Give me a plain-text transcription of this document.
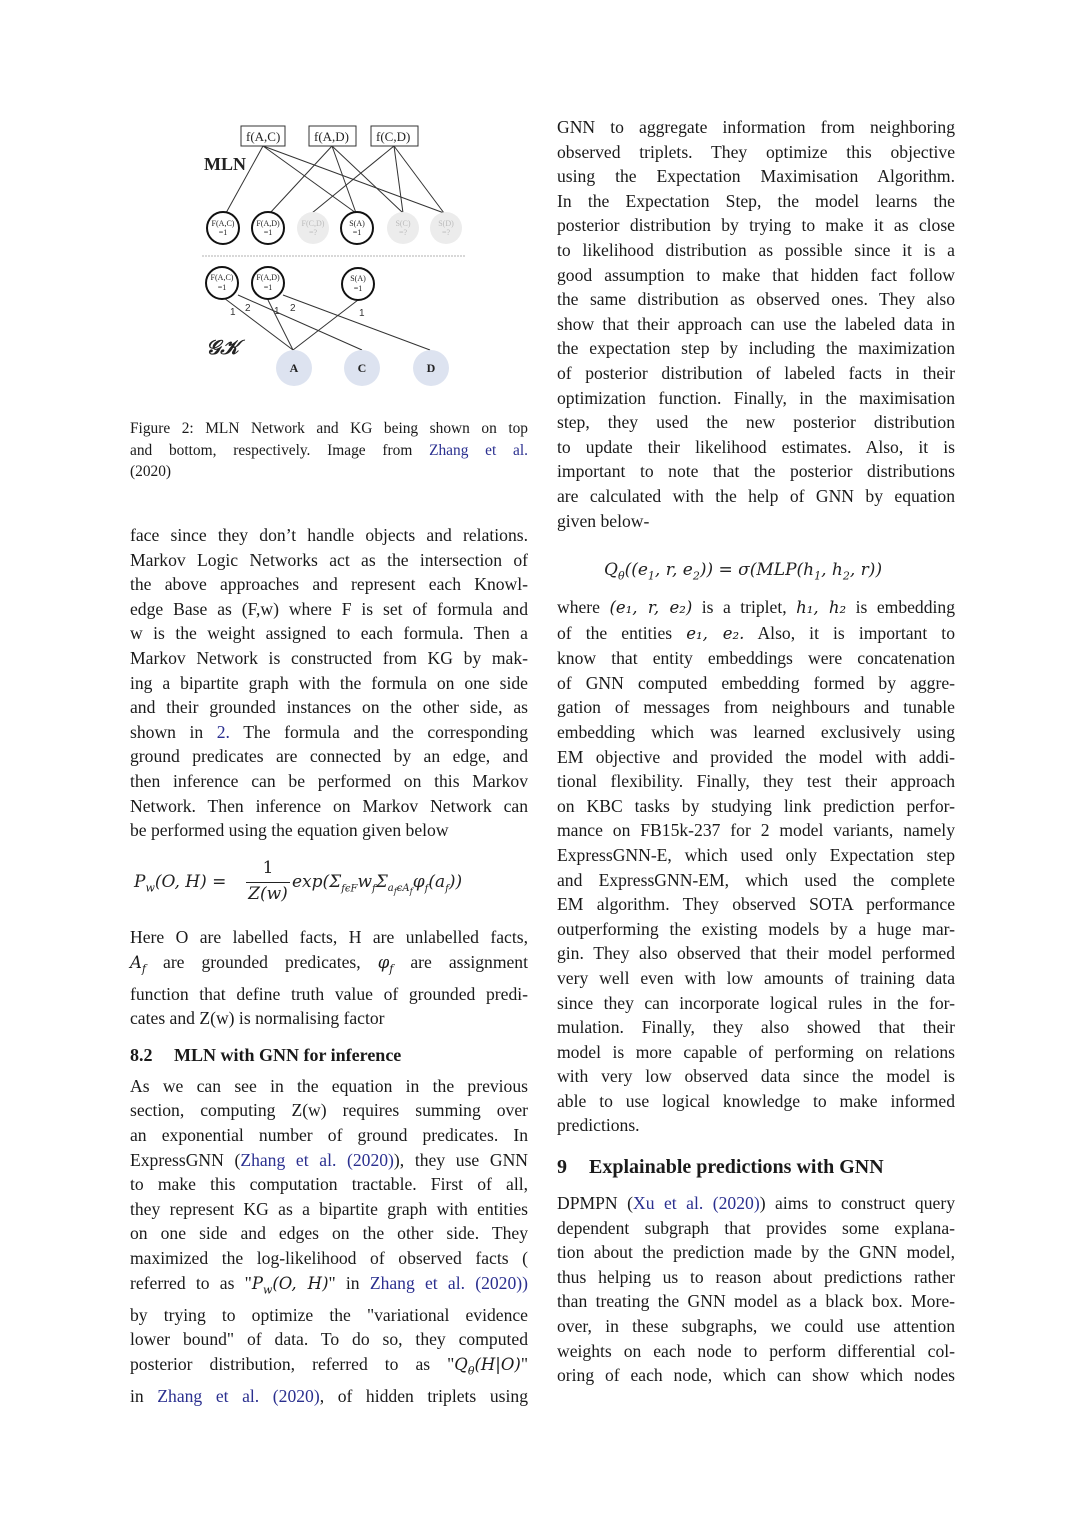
f(A,C)	f(A,D) f(C,D)
MLN
F(A,C)
=1
F(A,D)
=1
F(C,D)
=?
S(A)
=1
S(C)
=?
S(D)
=?
1 2 1 2	1
F(A,C)
=1
F(A,D)
=1
S(A)
=1
𝒢𝒦
A	C	D
Figure 2: MLN Network and KG being shown on top
and bottom, respectively. Image from Zhang et al.
(2020)

face since they don’t handle objects and relations.
Markov Logic Networks act as the intersection of
the above approaches and represent each Knowl-
edge Base as (F,w) where F is set of formula and
w is the weight assigned to each formula. Then a
Markov Network is constructed from KG by mak-
ing a bipartite graph with the formula on one side
and their grounded instances on the other side, as
shown in 2. The formula and the corresponding
ground predicates are connected by an edge, and
then inference can be performed on this Markov
Network. Then inference on Markov Network can
be performed using the equation given below

$P_w(O$, H) =
1
Z(w)
$\exp(\Sigma_{f\epsilon F}w_f\Sigma_{a_f\epsilon A_f}\varphi_f(a_f))$

Here O are labelled facts, H are unlabelled facts,
$A_f$ are grounded predicates, $\varphi_f$ are assignment
function that define truth value of grounded predi-
cates and Z(w) is normalising factor

8.2 MLN with GNN for inference

As we can see in the equation in the previous
section, computing Z(w) requires summing over
an exponential number of ground predicates. In
ExpressGNN (Zhang et al. (2020)), they use GNN
to make this computation tractable. First of all,
they represent KG as a bipartite graph with entities
on one side and edges on the other side. They
maximized the log-likelihood of observed facts (
referred to as "$P_w(O$, H)" in Zhang et al. (2020))
by trying to optimize the "variational evidence
lower bound" of data. To do so, they computed
posterior distribution, referred to as "$Q_\theta(H|O)$"
in Zhang et al. (2020), of hidden triplets using

GNN to aggregate information from neighboring
observed triplets. They optimize this objective
using the Expectation Maximisation Algorithm.
In the Expectation Step, the model learns the
posterior distribution by trying to make it as close
to likelihood distribution as possible since it is a
good assumption to make that hidden fact follow
the same distribution as observed ones. They also
show that their approach can use the labeled data in
the expectation step by including the maximization
of posterior distribution of labeled facts in their
optimization function. Finally, in the maximisation
step, they used the new posterior distribution
to update their likelihood estimates. Also, it is
important to note that the posterior distributions
are calculated with the help of GNN by equation
given below-

$Q_\theta((e_1$, r, $e_2)) = \sigma(MLP(h_1$, $h_2$, r))

where (e₁, r, e₂) is a triplet, h₁, h₂ is embedding
of the entities e₁, e₂. Also, it is important to
know that entity embeddings were concatenation
of GNN computed embedding formed by aggre-
gation of messages from neighbours and tunable
embedding which was learned exclusively using
EM objective and provided the model with addi-
tional flexibility. Finally, they test their approach
on KBC tasks by studying link prediction perfor-
mance on FB15k-237 for 2 model variants, namely
ExpressGNN-E, which used only Expectation step
and ExpressGNN-EM, which used the complete
EM algorithm. They observed SOTA performance
outperforming the existing models by a huge mar-
gin. They also observed that their model performed
very well even with low amounts of training data
since they can incorporate logical rules in the for-
mulation. Finally, they also showed that their
model is more capable of performing on relations
with very low observed data since the model is
able to use logical knowledge to make informed
predictions.

9 Explainable predictions with GNN

DPMPN (Xu et al. (2020)) aims to construct query
dependent subgraph that provides some explana-
tion about the prediction made by the GNN model,
thus helping us to reason about predictions rather
than treating the GNN model as a black box. More-
over, in these subgraphs, we could use attention
weights on each node to perform differential col-
oring of each node, which can show which nodes
